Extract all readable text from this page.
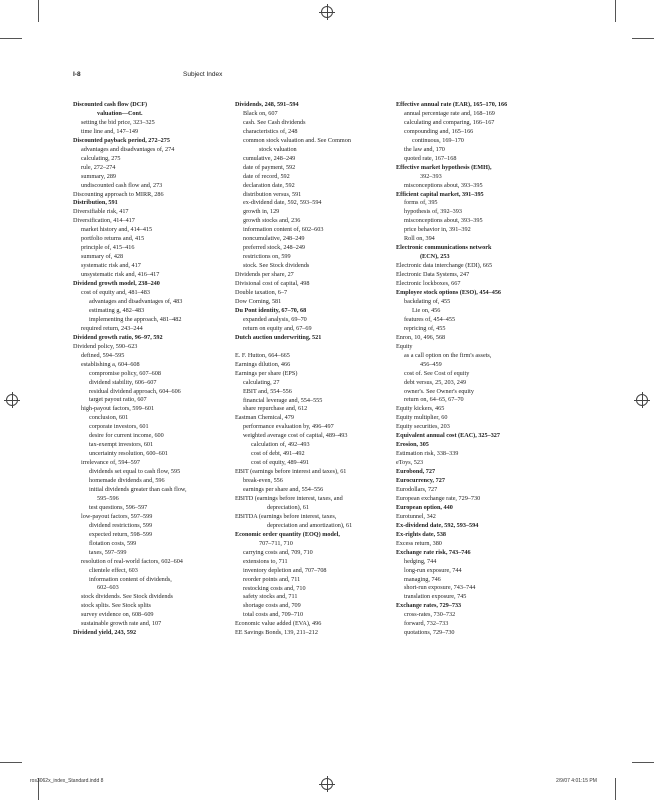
I-8	Subject Index
Discounted cash flow (DCF)
valuation—Cont.
setting the bid price, 323–325
time line and, 147–149
Discounted payback period, 272–275
advantages and disadvantages of, 274
calculating, 275
rule, 272–274
summary, 289
undiscounted cash flow and, 273
Discounting approach to MIRR, 286
Distribution, 591
Diversifiable risk, 417
Diversification, 414–417
market history and, 414–415
portfolio returns and, 415
principle of, 415–416
summary of, 428
systematic risk and, 417
unsystematic risk and, 416–417
Dividend growth model, 238–240
cost of equity and, 481–483
advantages and disadvantages of, 483
estimating g, 482–483
implementing the approach, 481–482
required return, 243–244
Dividend growth ratio, 96–97, 592
Dividend policy, 590–623
defined, 594–595
establishing a, 604–608
compromise policy, 607–608
dividend stability, 606–607
residual dividend approach, 604–606
target payout ratio, 607
high-payout factors, 599–601
conclusion, 601
corporate investors, 601
desire for current income, 600
tax-exempt investors, 601
uncertainty resolution, 600–601
irrelevance of, 594–597
dividends set equal to cash flow, 595
homemade dividends and, 596
initial dividends greater than cash flow,
595–596
test questions, 596–597
low-payout factors, 597–599
dividend restrictions, 599
expected return, 598–599
flotation costs, 599
taxes, 597–599
resolution of real-world factors, 602–604
clientele effect, 603
information content of dividends,
602–603
stock dividends. See Stock dividends
stock splits. See Stock splits
survey evidence on, 608–609
sustainable growth rate and, 107
Dividend yield, 243, 592
Dividends, 248, 591–594
Black on, 607
cash. See Cash dividends
characteristics of, 248
common stock valuation and. See Common
stock valuation
cumulative, 248–249
date of payment, 592
date of record, 592
declaration date, 592
distribution versus, 591
ex-dividend date, 592, 593–594
growth in, 129
growth stocks and, 236
information content of, 602–603
noncumulative, 248–249
preferred stock, 248–249
restrictions on, 599
stock. See Stock dividends
Dividends per share, 27
Divisional cost of capital, 498
Double taxation, 6–7
Dow Corning, 581
Du Pont identity, 67–70, 68
expanded analysis, 69–70
return on equity and, 67–69
Dutch auction underwriting, 521
E. F. Hutton, 664–665
Earnings dilution, 466
Earnings per share (EPS)
calculating, 27
EBIT and, 554–556
financial leverage and, 554–555
share repurchase and, 612
Eastman Chemical, 479
performance evaluation by, 496–497
weighted average cost of capital, 489–493
calculation of, 492–493
cost of debt, 491–492
cost of equity, 489–491
EBIT (earnings before interest and taxes), 61
break-even, 556
earnings per share and, 554–556
EBITD (earnings before interest, taxes, and
depreciation), 61
EBITDA (earnings before interest, taxes,
depreciation and amortization), 61
Economic order quantity (EOQ) model,
707–711, 710
carrying costs and, 709, 710
extensions to, 711
inventory depletion and, 707–708
reorder points and, 711
restocking costs and, 710
safety stocks and, 711
shortage costs and, 709
total costs and, 709–710
Economic value added (EVA), 496
EE Savings Bonds, 139, 211–212
Effective annual rate (EAR), 165–170, 166
annual percentage rate and, 168–169
calculating and comparing, 166–167
compounding and, 165–166
continuous, 169–170
the law and, 170
quoted rate, 167–168
Effective market hypothesis (EMH),
392–393
misconceptions about, 393–395
Efficient capital market, 391–395
forms of, 395
hypothesis of, 392–393
misconceptions about, 393–395
price behavior in, 391–392
Roll on, 394
Electronic communications network
(ECN), 253
Electronic data interchange (EDI), 665
Electronic Data Systems, 247
Electronic lockboxes, 667
Employee stock options (ESO), 454–456
backdating of, 455
Lie on, 456
features of, 454–455
repricing of, 455
Enron, 10, 496, 568
Equity
as a call option on the firm's assets,
456–459
cost of. See Cost of equity
debt versus, 25, 203, 249
owner's. See Owner's equity
return on, 64–65, 67–70
Equity kickers, 465
Equity multiplier, 60
Equity securities, 203
Equivalent annual cost (EAC), 325–327
Erosion, 305
Estimation risk, 338–339
eToys, 523
Eurobond, 727
Eurocurrency, 727
Eurodollars, 727
European exchange rate, 729–730
European option, 440
Eurotunnel, 342
Ex-dividend date, 592, 593–594
Ex-rights date, 538
Excess return, 380
Exchange rate risk, 743–746
hedging, 744
long-run exposure, 744
managing, 746
short-run exposure, 743–744
translation exposure, 745
Exchange rates, 729–733
cross-rates, 730–732
forward, 732–733
quotations, 729–730
ros3062x_index_Standard.indd 8	2/9/07 4:01:15 PM
